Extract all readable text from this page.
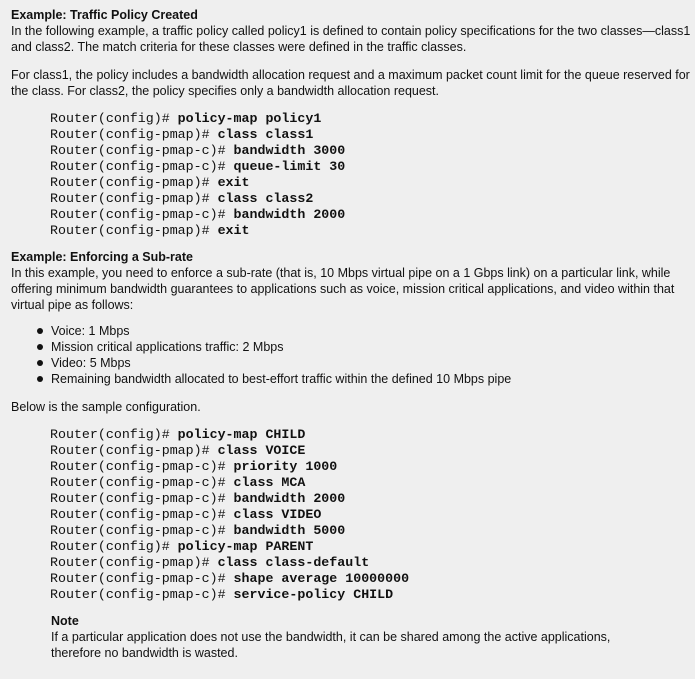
Example: Traffic Policy Created

In the following example, a traffic policy called policy1 is defined to contain policy specifications for the two classes—class1 and class2. The match criteria for these classes were defined in the traffic classes.

For class1, the policy includes a bandwidth allocation request and a maximum packet count limit for the queue reserved for the class. For class2, the policy specifies only a bandwidth allocation request.

Router(config)# policy-map policy1
Router(config-pmap)# class class1
Router(config-pmap-c)# bandwidth 3000
Router(config-pmap-c)# queue-limit 30
Router(config-pmap)# exit
Router(config-pmap)# class class2
Router(config-pmap-c)# bandwidth 2000
Router(config-pmap)# exit
Example: Enforcing a Sub-rate

In this example, you need to enforce a sub-rate (that is, 10 Mbps virtual pipe on a 1 Gbps link) on a particular link, while offering minimum bandwidth guarantees to applications such as voice, mission critical applications, and video within that virtual pipe as follows:

Voice: 1 Mbps
Mission critical applications traffic: 2 Mbps
Video: 5 Mbps
Remaining bandwidth allocated to best-effort traffic within the defined 10 Mbps pipe

Below is the sample configuration.

Router(config)# policy-map CHILD
Router(config-pmap)# class VOICE
Router(config-pmap-c)# priority 1000
Router(config-pmap-c)# class MCA
Router(config-pmap-c)# bandwidth 2000
Router(config-pmap-c)# class VIDEO
Router(config-pmap-c)# bandwidth 5000
Router(config)# policy-map PARENT
Router(config-pmap)# class class-default
Router(config-pmap-c)# shape average 10000000
Router(config-pmap-c)# service-policy CHILD
Note
If a particular application does not use the bandwidth, it can be shared among the active applications, therefore no bandwidth is wasted.
